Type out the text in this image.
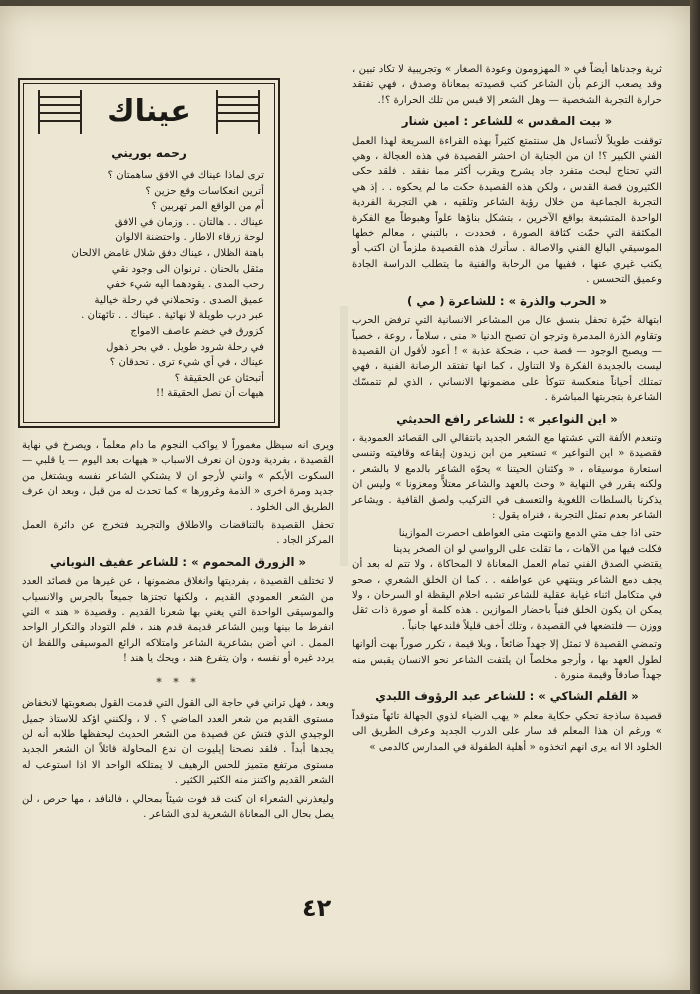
ثرية وجدناها أيضاً في « المهزومون وعودة الصغار » وتجريبية لا تكاد تبين ، وقد يصعب الزعم بأن الشاعر كتب قصيدته بمعاناة وصدق ، فهي تفتقد حرارة التجربة الشخصية — وهل الشعر إلا قبس من تلك الحرارة ؟!.

« بيت المقدس » للشاعر : امين شنار

توقفت طويلاً لأتساءل هل سنتمتع كثيراً بهذه القراءة السريعة لهذا العمل الفني الكبير ؟! ان من الجناية ان احشر القصيدة في هذه العجالة ، وهي التي تحتاج لبحث متفرد جاد يشرح ويقرب أكثر مما نفقد . فلقد حكى الكثيرون قصة القدس ، ولكن هذه القصيدة حكت ما لم يحكوه . . إذ هي التجربة الجماعية من خلال رؤية الشاعر وتلقيه ، هي التجربة الفردية الواحدة المتشبعة بواقع الآخرين ، بتشكل بناؤها علواً وهبوطاً مع الفكرة المكثفة التي حمّت كثافة الصورة ، فحددت ، بالتبني ، معالم خطها الموسيقي البالغ الفني والاصالة . سأترك هذه القصيدة ملزماً ان اكتب أو يكتب غيري عنها ، ففيها من الرحابة والفنية ما يتطلب الدراسة الجادة وعميق التحسس .

« الحرب والذرة » : للشاعرة ( مي )

ابتهالة خيّرة تحفل بنسق عال من المشاعر الانسانية التي ترفض الحرب وتقاوم الذرة المدمرة وترجو ان تصبح الدنيا « منى ، سلاماً ، روعة ، خصباً — ويصبح الوجود — قصة حب ، ضحكة عذبة » ! أعود لأقول ان القصيدة ليست بالجديدة الفكرة ولا التناول ، كما انها تفتقد الرصانة الفنية ، فهي تمتلك أحياناً منعكسة تتوكأ على مضمونها الانساني ، الذي لم تتمسّك الشاعرة بتجربتها المباشرة .

« اين النواعير » : للشاعر رافع الحديثي

وتنعدم الألفة التي عشتها مع الشعر الجديد بانتقالي الى القصائد العمودية ، فقصيدة « اين النواعير » تستعير من ابن زيدون إيقاعه وقافيته وتنسى استعارة موسيقاه ، « وكثنان الحيتنا » يحوّه الشاعر بالدمع لا بالشعر ، ولكنه يقرر في النهاية « وحث بالعهد والشاعر معتلاًّ ومعزونا » وليس ان يذكرنا بالسلطات اللغوية والتعسف في التركيب ولصق القافية . ويشاعر الشاعر بعدم تمثل التجربة ، فنراه يقول :

حتى اذا جف متي الدمع وانتهت متى العواطف احصرت الموازينا

فكلت فيها من الآهات ، ما تقلت على الرواسي لو ان الصخر يدينا

يقتضي الصدق الفني تمام العمل المعاناة لا المحاكاة ، ولا تتم له بعد أن يجف دمع الشاعر وينتهي عن عواطفه . . كما ان الخلق الشعري ، صحو في متكامل اثناء غيابة عقلية للشاعر تشبه احلام اليقظة او السرحان ، ولا يمكن ان يكون الخلق فنياً باحضار الموازين . هذه كلمة أو صورة ذات ثقل ووزن — فلتضعها في القصيدة ، وتلك أخف قليلاً فلندعها جانباً .

وتمضي القصيدة لا تمثل إلا جهداً ضائعاً ، وبلا قيمة ، تكرر صوراً بهت ألوانها لطول العهد بها ، وأرجو مخلصاً ان يلتفت الشاعر نحو الانسان يقبس منه جهداً صادقاً وقيمة منورة .

« القلم الشاكي » : للشاعر عبد الرؤوف اللبدي

قصيدة ساذجة تحكي حكاية معلم « يهب الضياء لذوي الجهالة تائهاً متوقداً » ورغم ان هذا المعلم قد سار على الدرب الجديد وعرف الطريق الى الخلود الا انه يرى انهم اتخذوه « أهلية الطفولة في المدارس كالدمى »

عيناك
رحمه بوريني
ترى لماذا عيناك في الافق ساهمتان ؟
أترين انعكاسات وقع حزين ؟
أم من الواقع المر تهربين ؟
عيناك . . هالتان . . وزمان في الافق
لوحة زرقاء الاطار . واحتضنة الالوان
باهتة الظلال ، عيناك دفق شلال غامض الالحان
مثقل بالحنان . ترنوان الى وجود نقي
رحب المدى . يقودهما اليه شيء خفي
عميق الصدى . وتحملاني في رحلة خيالية
عبر درب طويلة لا نهائية . عيناك . . تائهتان .
كزورق في خضم عاصف الامواج
في رحلة شرود طويل . في بحر ذهول
عيناك ، في أي شيء ترى . تحدقان ؟
أتبحثان عن الحقيقة ؟
هيهات أن نصل الحقيقة !!

ويرى انه سيظل مغموراً لا يواكب النجوم ما دام معلماً ، ويصرخ في نهاية القصيدة ، بفردية ودون ان نعرف الاسباب « هيهات بعد اليوم — يا قلبي — السكوت الأبكم » وانني لأرجو ان لا يشتكي الشاعر نفسه ويشتغل من جديد ومرة اخرى « الذمة وغرورها » كما تحدث له من قبل ، وبعد ان عرف الطريق الى الخلود .

تحفل القصيدة بالتناقضات والاطلاق والتجريد فتخرج عن دائرة العمل المركز الجاد .

« الزورق المحموم » : للشاعر عفيف النوباني

لا تختلف القصيدة ، بفرديتها وانغلاق مضمونها ، عن غيرها من قصائد العدد من الشعر العمودي القديم ، ولكنها تجتزها جميعاً بالجرس والانسياب والموسيقى الواحدة التي يغني بها شعرنا القديم . وقصيدة « هند » التي انفرط ما بينها وبين الشاعر قديمة قدم هند ، فلم التوداد والتكرار الواحد الممل . اني أضن بشاعرية الشاعر وامتلاكه الرائع الموسيقى واللفظ ان يردد غيره أو نفسه ، وان يتفرع هند ، ويحك يا هند !

* * *

وبعد ، فهل تراني في حاجة الى القول التي قدمت القول بصعوبتها لانخفاض مستوى القديم من شعر العدد الماضي ؟ . لا ، ولكنني اؤكد للاستاذ جميل الوجيدي الذي فتش عن قصيدة من الشعر الحديث ليحفظها طلابه أنه لن يجدها أبداً . فلقد نصحنا إيليوت ان ندع المحاولة قائلاً ان الشعر الجديد مستوى مرتفع متميز للحس الرهيف لا يمتلكه الواحد الا اذا استوعب له الشعر القديم واكتنز منه الكثير الكثير .

وليعذرني الشعراء ان كنت قد فوت شيئاً بمحالي ، فالنافد ، مها حرص ، لن يصل بحال الى المعاناة الشعرية لدى الشاعر .

٤٢
